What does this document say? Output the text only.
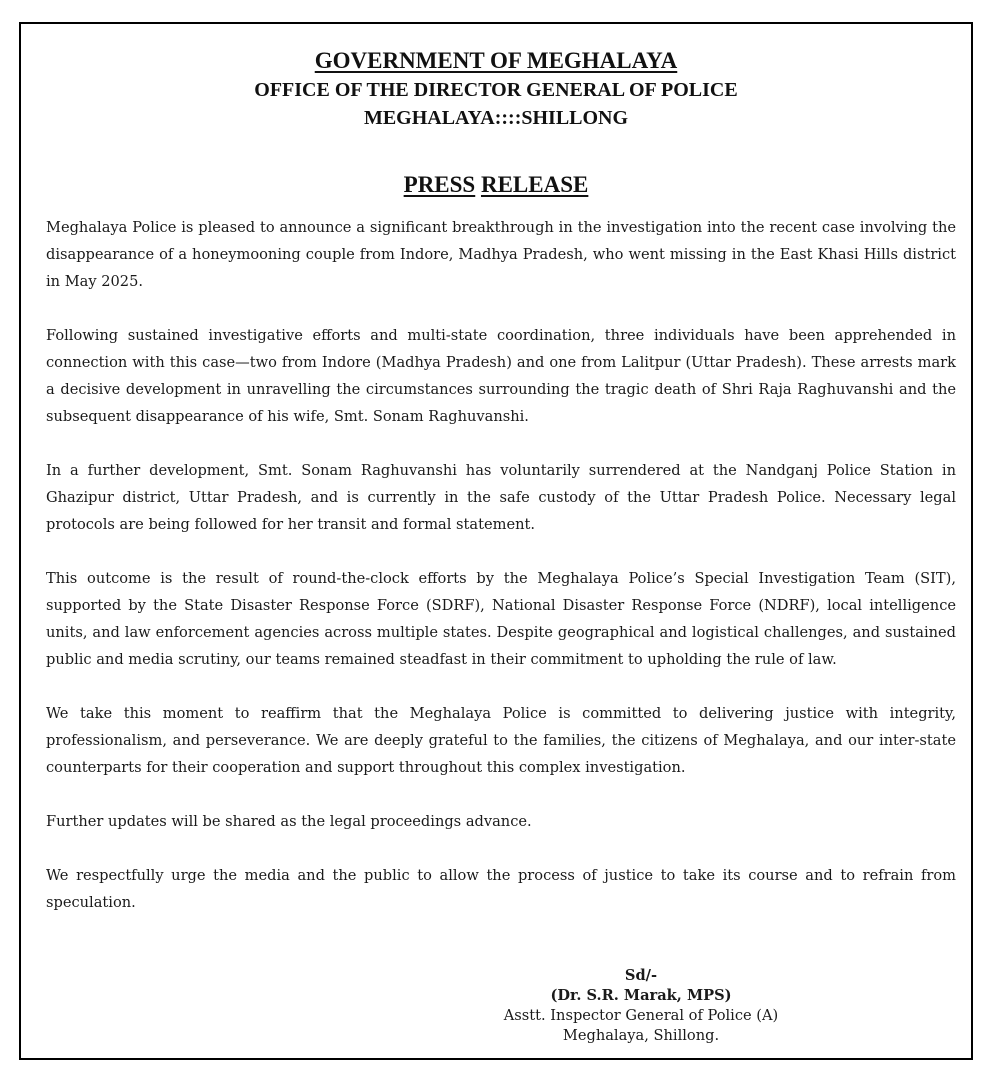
GOVERNMENT OF MEGHALAYA
OFFICE OF THE DIRECTOR GENERAL OF POLICE
MEGHALAYA::::SHILLONG
PRESS RELEASE

Meghalaya Police is pleased to announce a significant breakthrough in the investigation into the recent case involving the disappearance of a honeymooning couple from Indore, Madhya Pradesh, who went missing in the East Khasi Hills district in May 2025.

Following sustained investigative efforts and multi-state coordination, three individuals have been apprehended in connection with this case—two from Indore (Madhya Pradesh) and one from Lalitpur (Uttar Pradesh). These arrests mark a decisive development in unravelling the circumstances surrounding the tragic death of Shri Raja Raghuvanshi and the subsequent disappearance of his wife, Smt. Sonam Raghuvanshi.

In a further development, Smt. Sonam Raghuvanshi has voluntarily surrendered at the Nandganj Police Station in Ghazipur district, Uttar Pradesh, and is currently in the safe custody of the Uttar Pradesh Police. Necessary legal protocols are being followed for her transit and formal statement.

This outcome is the result of round-the-clock efforts by the Meghalaya Police’s Special Investigation Team (SIT), supported by the State Disaster Response Force (SDRF), National Disaster Response Force (NDRF), local intelligence units, and law enforcement agencies across multiple states. Despite geographical and logistical challenges, and sustained public and media scrutiny, our teams remained steadfast in their commitment to upholding the rule of law.

We take this moment to reaffirm that the Meghalaya Police is committed to delivering justice with integrity, professionalism, and perseverance. We are deeply grateful to the families, the citizens of Meghalaya, and our inter-state counterparts for their cooperation and support throughout this complex investigation.

Further updates will be shared as the legal proceedings advance.

We respectfully urge the media and the public to allow the process of justice to take its course and to refrain from speculation.

Sd/-
(Dr. S.R. Marak, MPS)
Asstt. Inspector General of Police (A)
Meghalaya, Shillong.
